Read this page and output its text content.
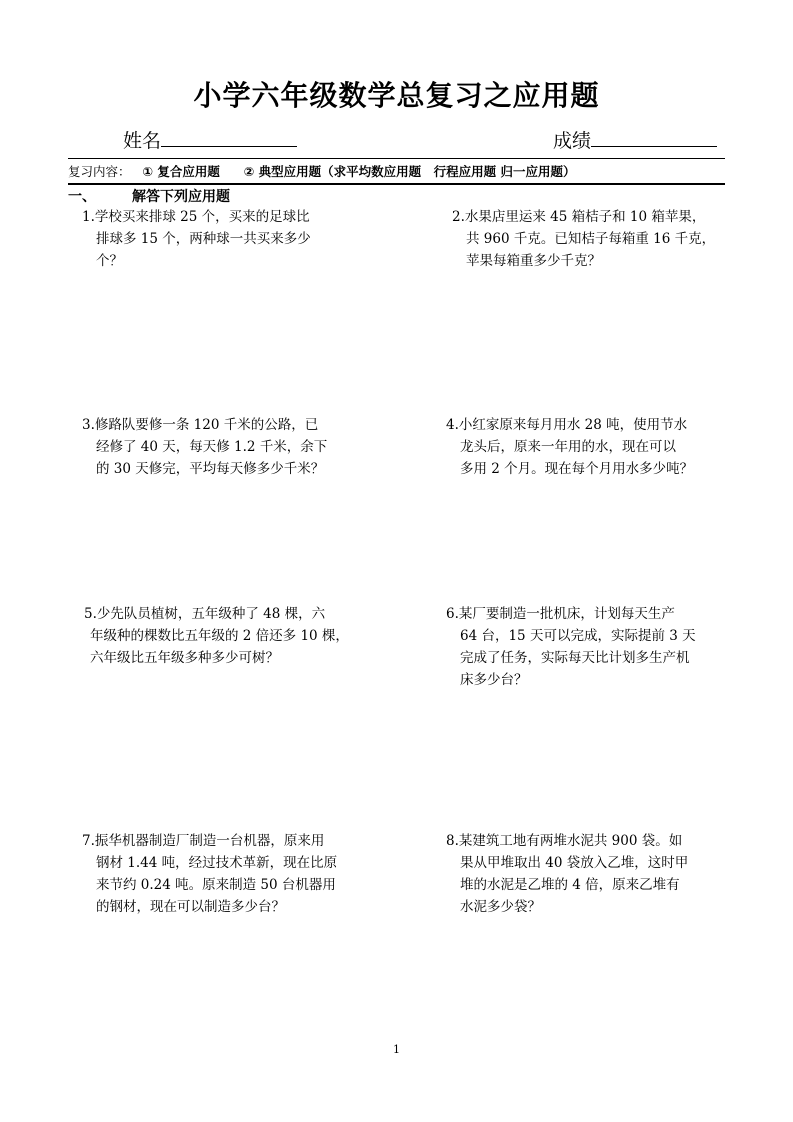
小学六年级数学总复习之应用题
姓名	成绩
复习内容： ① 复合应用题 ② 典型应用题（求平均数应用题　行程应用题 归一应用题）
一、	解答下列应用题
1.学校买来排球 25 个，买来的足球比
排球多 15 个，两种球一共买来多少
个？
2.水果店里运来 45 箱桔子和 10 箱苹果，
共 960 千克。已知桔子每箱重 16 千克，
苹果每箱重多少千克？
3.修路队要修一条 120 千米的公路，已
经修了 40 天，每天修 1.2 千米，余下
的 30 天修完，平均每天修多少千米？
4.小红家原来每月用水 28 吨，使用节水
龙头后，原来一年用的水，现在可以
多用 2 个月。现在每个月用水多少吨？
5.少先队员植树，五年级种了 48 棵，六
年级种的棵数比五年级的 2 倍还多 10 棵，
六年级比五年级多种多少可树？
6.某厂要制造一批机床，计划每天生产
64 台，15 天可以完成，实际提前 3 天
完成了任务，实际每天比计划多生产机
床多少台？
7.振华机器制造厂制造一台机器，原来用
钢材 1.44 吨，经过技术革新，现在比原
来节约 0.24 吨。原来制造 50 台机器用
的钢材，现在可以制造多少台？
8.某建筑工地有两堆水泥共 900 袋。如
果从甲堆取出 40 袋放入乙堆，这时甲
堆的水泥是乙堆的 4 倍，原来乙堆有
水泥多少袋？
1
